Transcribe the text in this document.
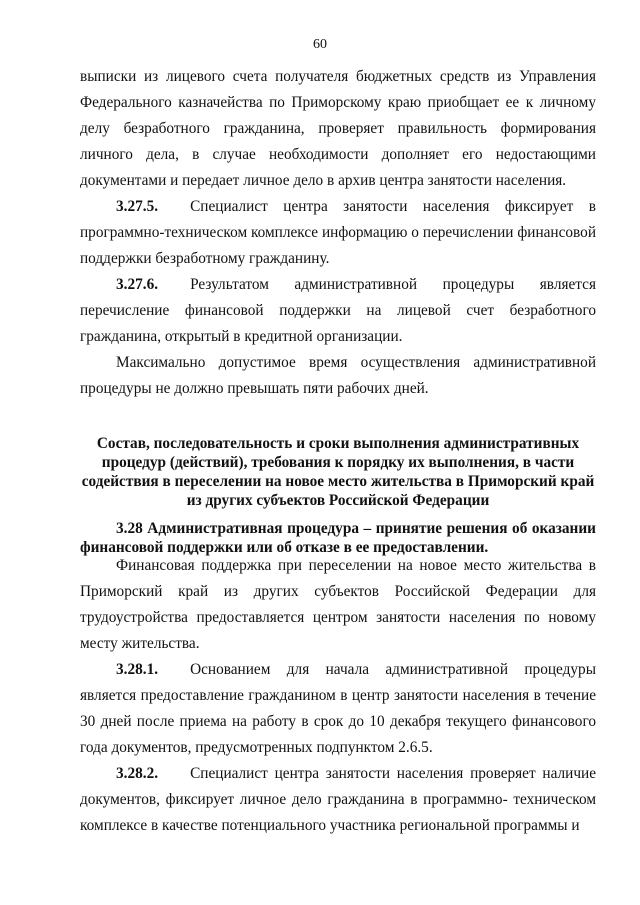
60

выписки из лицевого счета получателя бюджетных средств из Управления Федерального казначейства по Приморскому краю приобщает ее к личному делу безработного гражданина, проверяет правильность формирования личного дела, в случае необходимости дополняет его недостающими документами и передает личное дело в архив центра занятости населения.

3.27.5. Специалист центра занятости населения фиксирует в программно-техническом комплексе информацию о перечислении финансовой поддержки безработному гражданину.

3.27.6. Результатом административной процедуры является перечисление финансовой поддержки на лицевой счет безработного гражданина, открытый в кредитной организации.

Максимально допустимое время осуществления административной процедуры не должно превышать пяти рабочих дней.

Состав, последовательность и сроки выполнения административных процедур (действий), требования к порядку их выполнения, в части содействия в переселении на новое место жительства в Приморский край из других субъектов Российской Федерации
3.28 Административная процедура – принятие решения об оказании финансовой поддержки или об отказе в ее предоставлении.

Финансовая поддержка при переселении на новое место жительства в Приморский край из других субъектов Российской Федерации для трудоустройства предоставляется центром занятости населения по новому месту жительства.

3.28.1. Основанием для начала административной процедуры является предоставление гражданином в центр занятости населения в течение 30 дней после приема на работу в срок до 10 декабря текущего финансового года документов, предусмотренных подпунктом 2.6.5.

3.28.2. Специалист центра занятости населения проверяет наличие документов, фиксирует личное дело гражданина в программно- техническом комплексе в качестве потенциального участника региональной программы и
